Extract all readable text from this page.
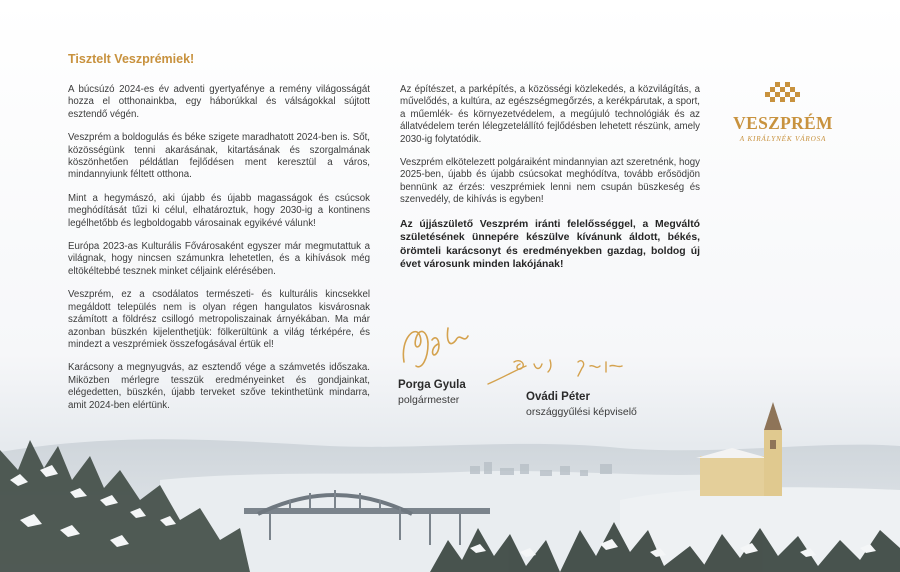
Tisztelt Veszprémiek!

A búcsúzó 2024-es év adventi gyertyafénye a remény világosságát hozza el otthonainkba, egy háborúkkal és válságokkal sújtott esztendő végén.

Veszprém a boldogulás és béke szigete maradhatott 2024-ben is. Sőt, közösségünk tenni akarásának, kitartásának és szorgalmának köszönhetően példátlan fejlődésen ment keresztül a város, mindannyiunk féltett otthona.

Mint a hegymászó, aki újabb és újabb magasságok és csúcsok meghódítását tűzi ki célul, elhatároztuk, hogy 2030-ig a kontinens legélhetőbb és legboldogabb városainak egyikévé válunk!

Európa 2023-as Kulturális Fővárosaként egyszer már megmutattuk a világnak, hogy nincsen számunkra lehetetlen, és a kihívások még eltökéltebbé tesznek minket céljaink elérésében.

Veszprém, ez a csodálatos természeti- és kulturális kincsekkel megáldott település nem is olyan régen hangulatos kisvárosnak számított a földrész csillogó metropoliszainak árnyékában. Ma már azonban büszkén kijelenthetjük: fölkerültünk a világ térképére, és mindezt a veszprémiek összefogásával értük el!

Karácsony a megnyugvás, az esztendő vége a számvetés időszaka. Miközben mérlegre tesszük eredményeinket és gondjainkat, elégedetten, büszkén, újabb terveket szőve tekinthetünk mindarra, amit 2024-ben elértünk.

Az építészet, a parképítés, a közösségi közlekedés, a közvilágítás, a művelődés, a kultúra, az egészségmegőrzés, a kerékpárutak, a sport, a műemlék- és környezetvédelem, a megújuló technológiák és az állatvédelem terén lélegzetelállító fejlődésben lehetett részünk, amely 2030-ig folytatódik.

Veszprém elkötelezett polgáraiként mindannyian azt szeretnénk, hogy 2025-ben, újabb és újabb csúcsokat meghódítva, tovább erősödjön bennünk az érzés: veszprémiek lenni nem csupán büszkeség és szenvedély, de kihívás is egyben!

Az újjászülető Veszprém iránti felelősséggel, a Megváltó születésének ünnepére készülve kívánunk áldott, békés, örömteli karácsonyt és eredményekben gazdag, boldog új évet városunk minden lakójának!

VESZPRÉM
A KIRÁLYNÉK VÁROSA
Porga Gyula
polgármester	Ovádi Péter
országgyűlési képviselő
